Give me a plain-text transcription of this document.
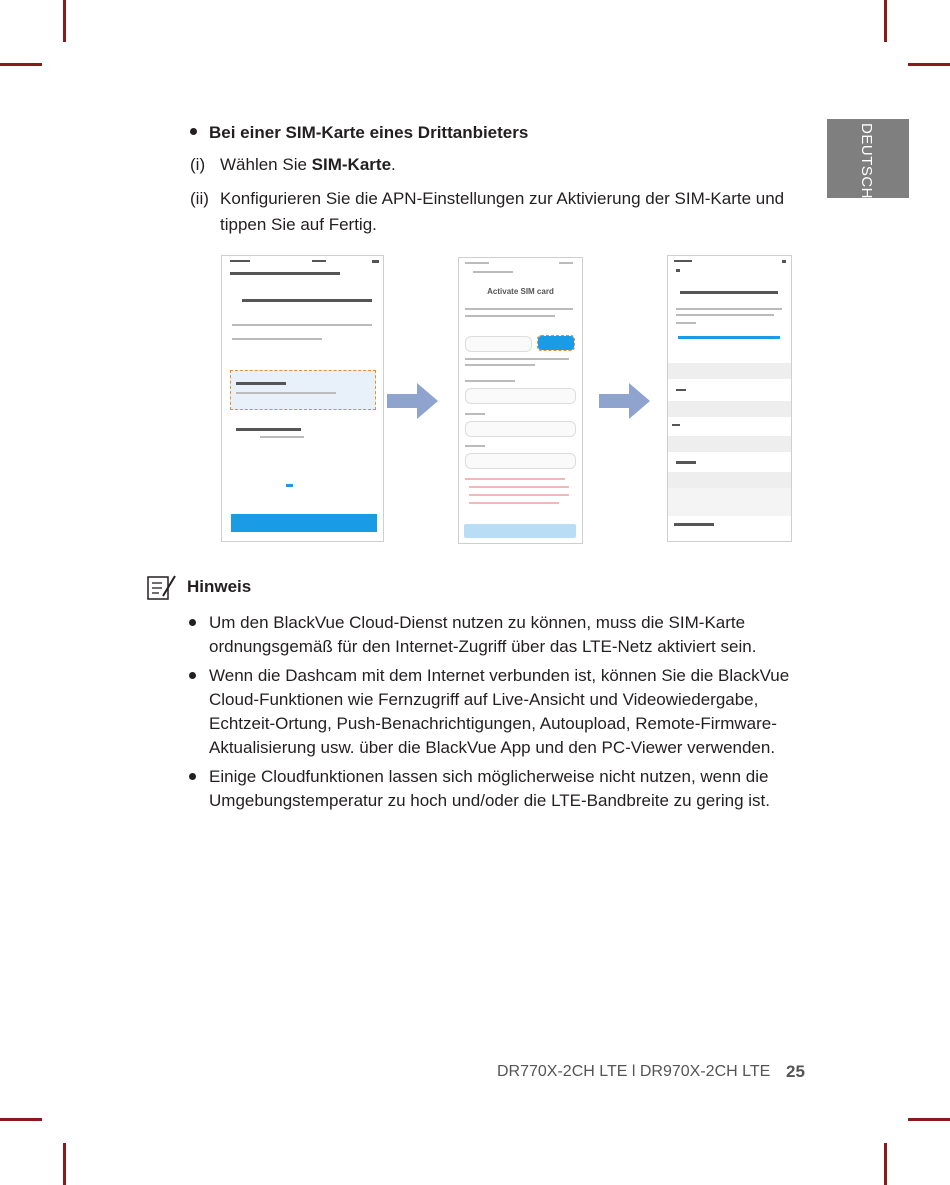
DEUTSCH
Bei einer SIM-Karte eines Drittanbieters
(i) Wählen Sie SIM-Karte.
(ii) Konfigurieren Sie die APN-Einstellungen zur Aktivierung der SIM-Karte und tippen Sie auf Fertig.
Activate SIM card
Hinweis
Um den BlackVue Cloud-Dienst nutzen zu können, muss die SIM-Karte ordnungsgemäß für den Internet-Zugriff über das LTE-Netz aktiviert sein.
Wenn die Dashcam mit dem Internet verbunden ist, können Sie die BlackVue Cloud-Funktionen wie Fernzugriff auf Live-Ansicht und Videowiedergabe, Echtzeit-Ortung, Push-Benachrichtigungen, Autoupload, Remote-Firmware-Aktualisierung usw. über die BlackVue App und den PC-Viewer verwenden.
Einige Cloudfunktionen lassen sich möglicherweise nicht nutzen, wenn die Umgebungstemperatur zu hoch und/oder die LTE-Bandbreite zu gering ist.
DR770X-2CH LTE l DR970X-2CH LTE 25
